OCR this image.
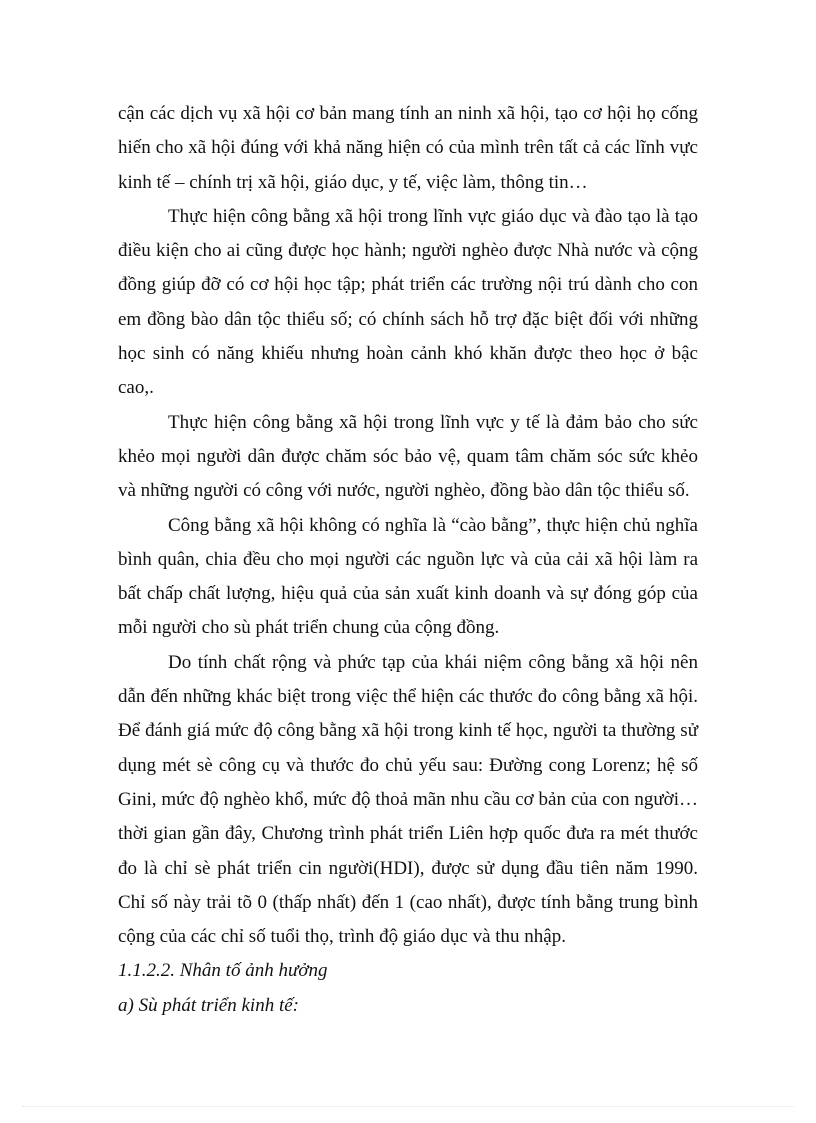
cận các dịch vụ xã hội cơ bản mang tính an ninh xã hội, tạo cơ hội họ cống hiến cho xã hội đúng với khả năng hiện có của mình trên tất cả các lĩnh vực kinh tế – chính trị xã hội, giáo dục, y tế, việc làm, thông tin…

Thực hiện công bằng xã hội trong lĩnh vực giáo dục và đào tạo là tạo điều kiện cho ai cũng được học hành; người nghèo được Nhà nước và cộng đồng giúp đỡ có cơ hội học tập; phát triển các trường nội trú dành cho con em đồng bào dân tộc thiểu số; có chính sách hỗ trợ đặc biệt đối với những học sinh có năng khiếu nhưng hoàn cảnh khó khăn được theo học ở bậc cao,.

Thực hiện công bằng xã hội trong lĩnh vực y tế là đảm bảo cho sức khẻo mọi người dân được chăm sóc bảo vệ, quam tâm chăm sóc sức khẻo và những người có công với nước, người nghèo, đồng bào dân tộc thiểu số.

Công bằng xã hội không có nghĩa là “cào bằng”, thực hiện chủ nghĩa bình quân, chia đều cho mọi người các nguồn lực và của cải xã hội làm ra bất chấp chất lượng, hiệu quả của sản xuất kinh doanh và sự đóng góp của mỗi người cho sù phát triển chung của cộng đồng.

Do tính chất rộng và phức tạp của khái niệm công bằng xã hội nên dẫn đến những khác biệt trong việc thể hiện các thước đo công bằng xã hội. Để đánh giá mức độ công bằng xã hội trong kinh tế học, người ta thường sử dụng mét sè công cụ và thước đo chủ yếu sau: Đường cong Lorenz; hệ số Gini, mức độ nghèo khổ, mức độ thoả mãn nhu cầu cơ bản của con người…thời gian gần đây, Chương trình phát triển Liên hợp quốc đưa ra mét thước đo là chỉ sè phát triển cin người(HDI), được sử dụng đầu tiên năm 1990. Chỉ số này trải tõ 0 (thấp nhất) đến 1 (cao nhất), được tính bằng trung bình cộng của các chỉ số tuổi thọ, trình độ giáo dục và thu nhập.

1.1.2.2. Nhân tố ảnh hưởng

a) Sù phát triển kinh tế:
